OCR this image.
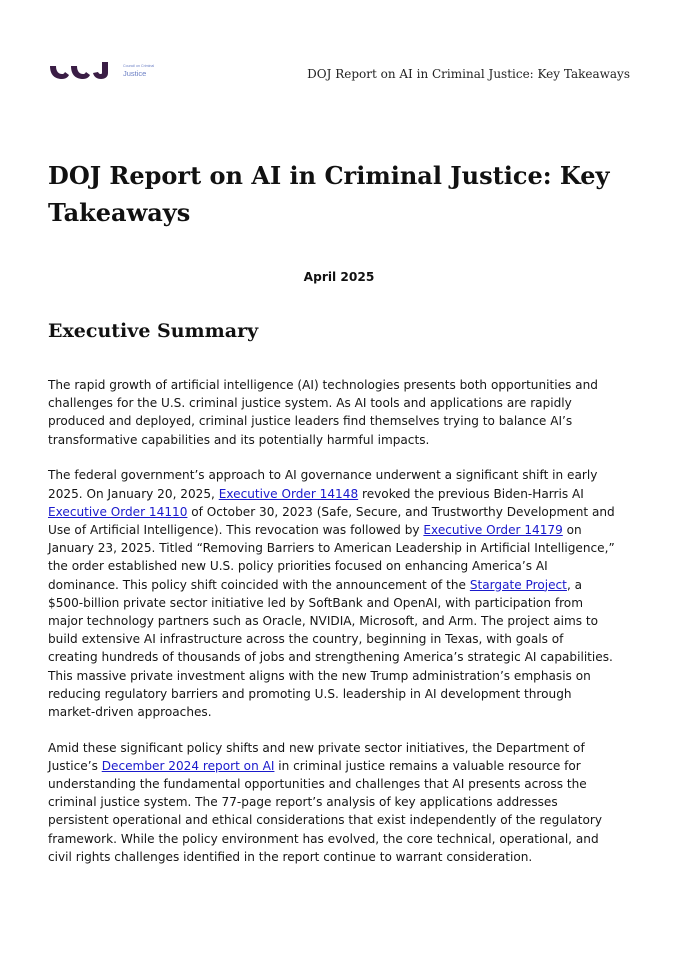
Council on Criminal
Justice	DOJ Report on AI in Criminal Justice: Key Takeaways
DOJ Report on AI in Criminal Justice: Key Takeaways
April 2025
Executive Summary

The rapid growth of artificial intelligence (AI) technologies presents both opportunities and
challenges for the U.S. criminal justice system. As AI tools and applications are rapidly
produced and deployed, criminal justice leaders find themselves trying to balance AI’s
transformative capabilities and its potentially harmful impacts.

The federal government’s approach to AI governance underwent a significant shift in early
2025. On January 20, 2025, Executive Order 14148 revoked the previous Biden-Harris AI
Executive Order 14110 of October 30, 2023 (Safe, Secure, and Trustworthy Development and
Use of Artificial Intelligence). This revocation was followed by Executive Order 14179 on
January 23, 2025. Titled “Removing Barriers to American Leadership in Artificial Intelligence,”
the order established new U.S. policy priorities focused on enhancing America’s AI
dominance. This policy shift coincided with the announcement of the Stargate Project, a
$500-billion private sector initiative led by SoftBank and OpenAI, with participation from
major technology partners such as Oracle, NVIDIA, Microsoft, and Arm. The project aims to
build extensive AI infrastructure across the country, beginning in Texas, with goals of
creating hundreds of thousands of jobs and strengthening America’s strategic AI capabilities.
This massive private investment aligns with the new Trump administration’s emphasis on
reducing regulatory barriers and promoting U.S. leadership in AI development through
market-driven approaches.

Amid these significant policy shifts and new private sector initiatives, the Department of
Justice’s December 2024 report on AI in criminal justice remains a valuable resource for
understanding the fundamental opportunities and challenges that AI presents across the
criminal justice system. The 77-page report’s analysis of key applications addresses
persistent operational and ethical considerations that exist independently of the regulatory
framework. While the policy environment has evolved, the core technical, operational, and
civil rights challenges identified in the report continue to warrant consideration.
